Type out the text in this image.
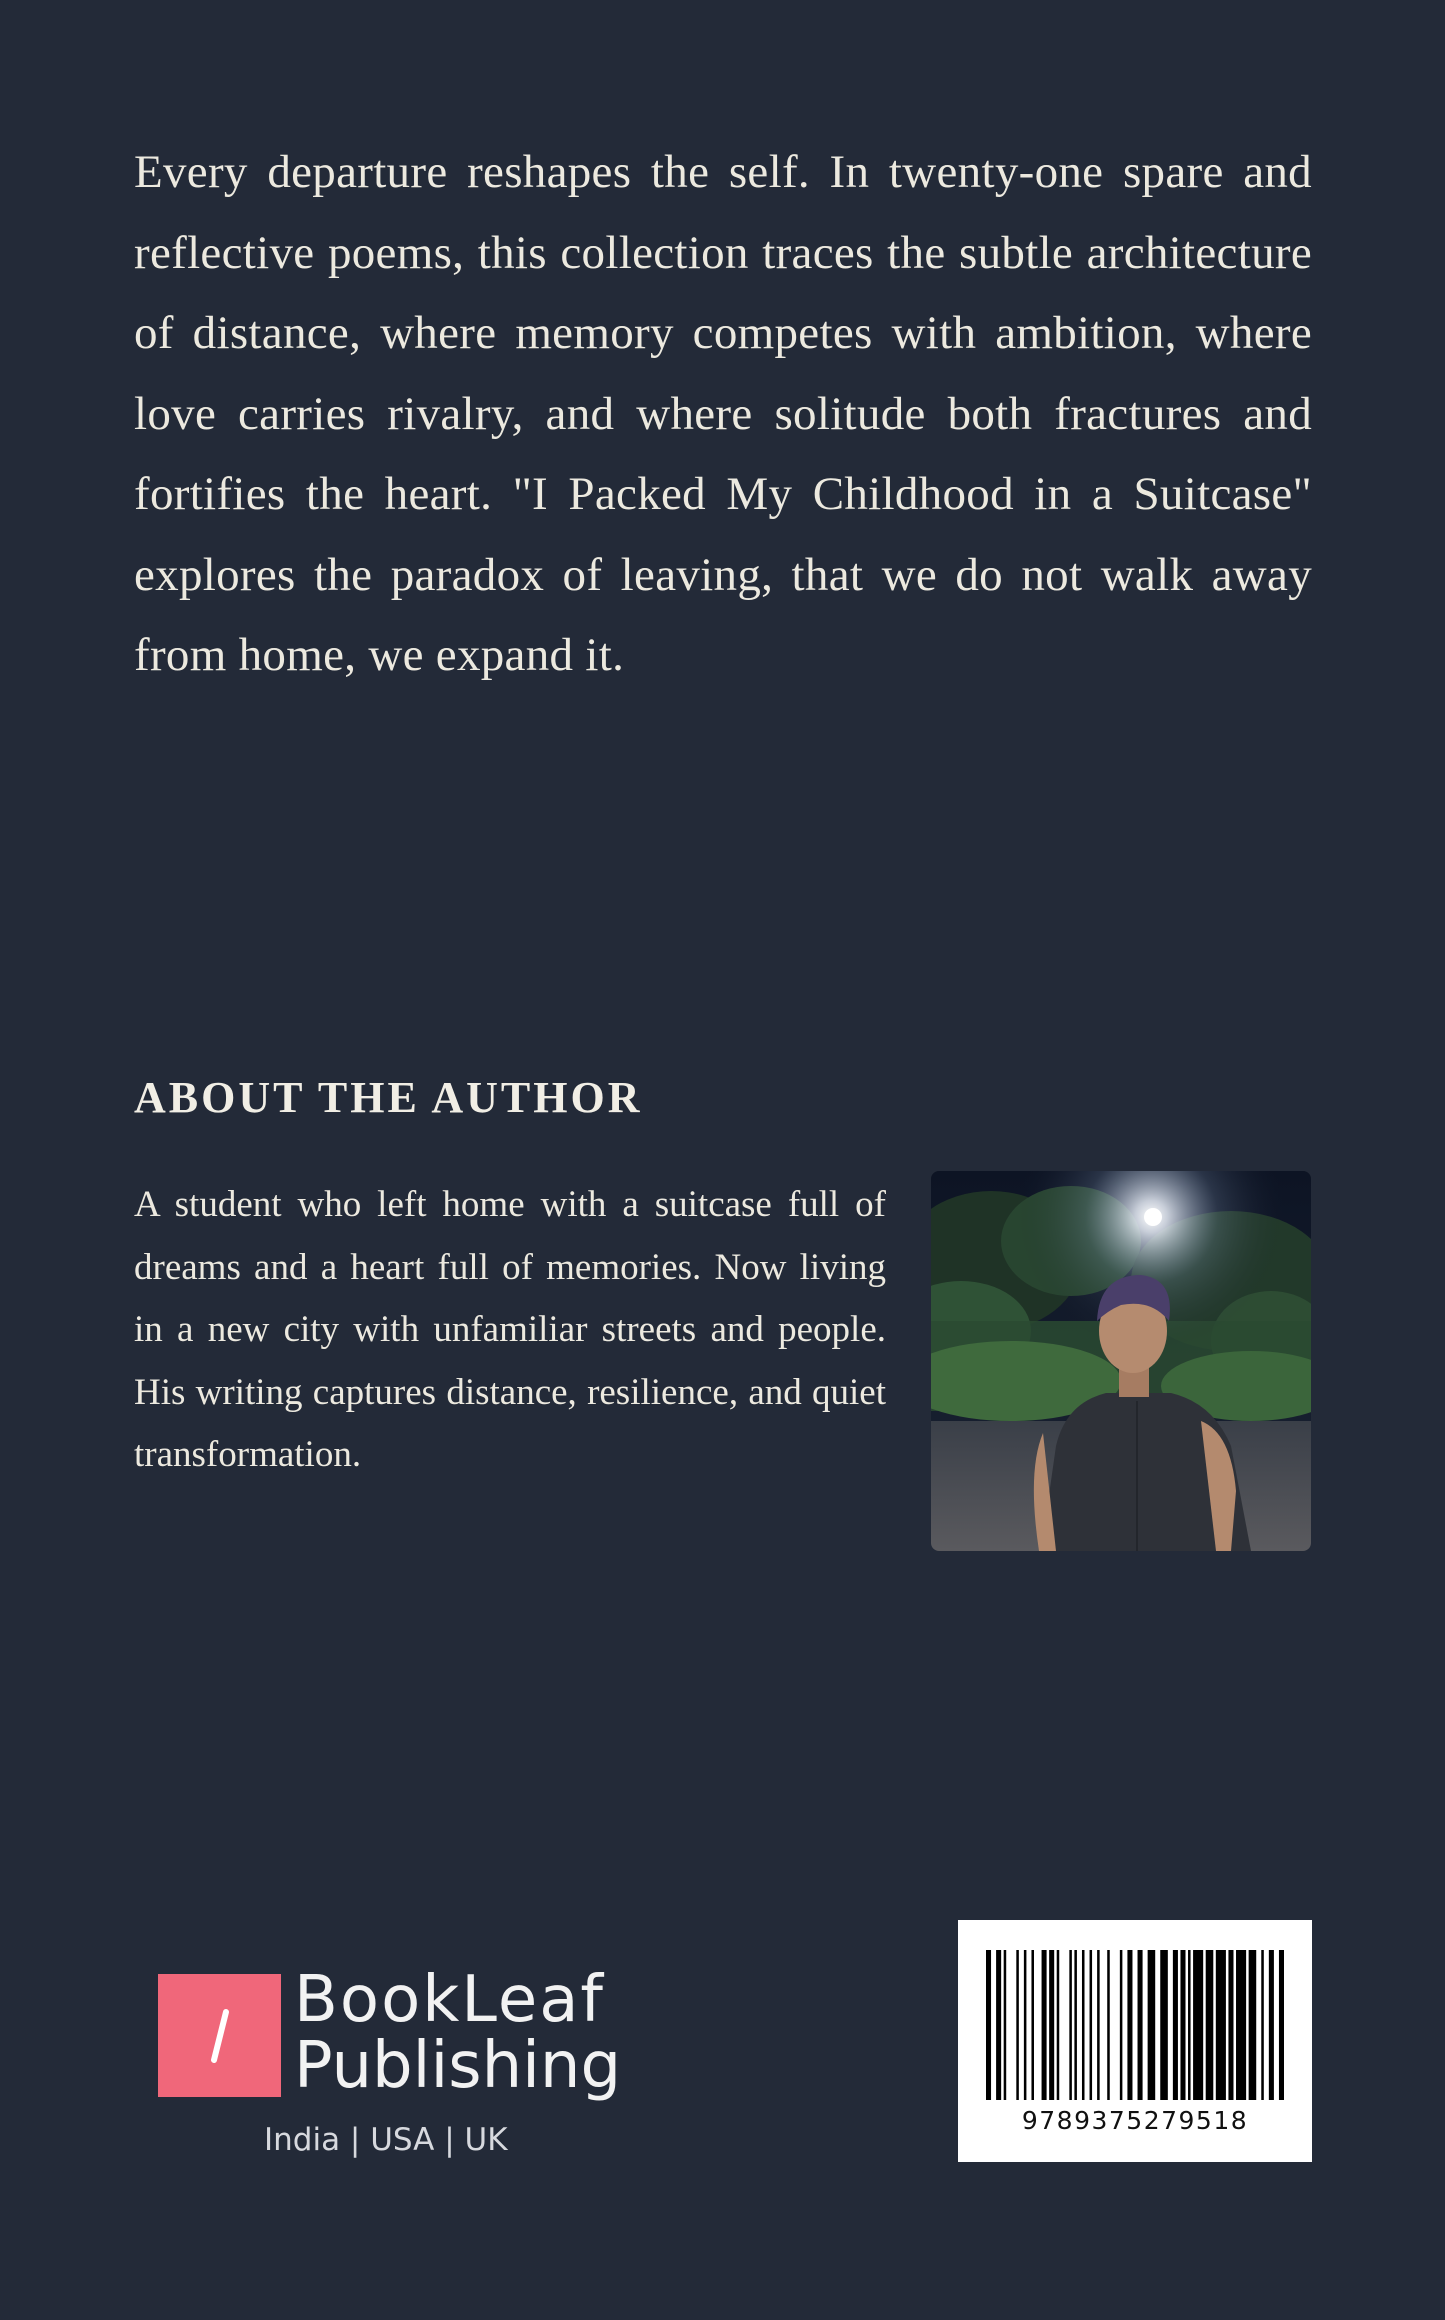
Every departure reshapes the self. In twenty-one spare and reflective poems, this collection traces the subtle architecture of distance, where memory competes with ambition, where love carries rivalry, and where solitude both fractures and fortifies the heart. "I Packed My Childhood in a Suitcase" explores the paradox of leaving, that we do not walk away from home, we expand it.

ABOUT THE AUTHOR

A student who left home with a suitcase full of dreams and a heart full of memories. Now living in a new city with unfamiliar streets and people. His writing captures distance, resilience, and quiet transformation.

BookLeaf
Publishing
India | USA | UK
9789375279518
